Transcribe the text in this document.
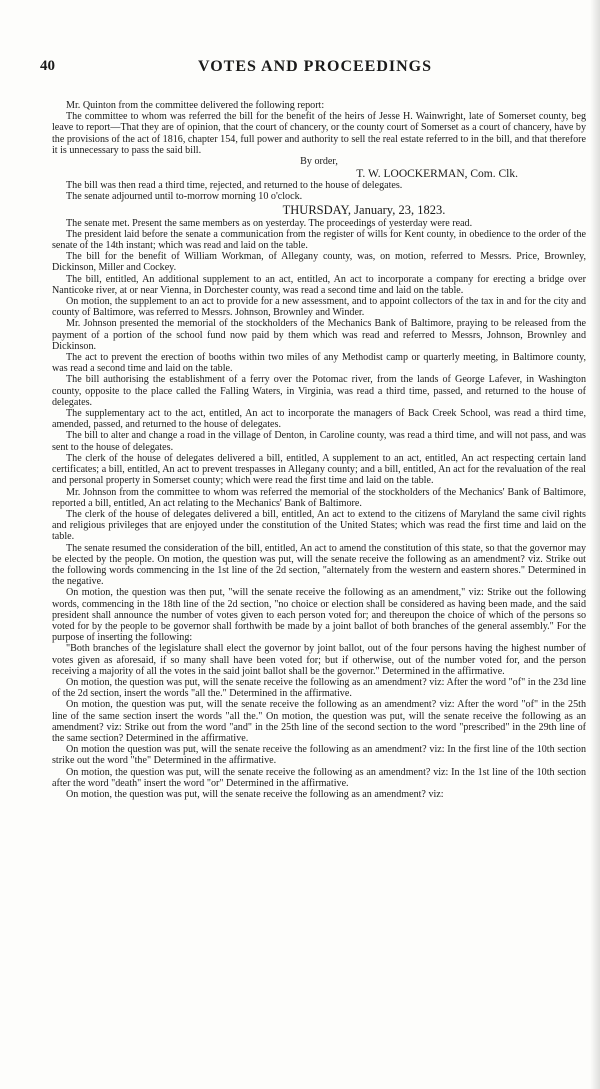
40	VOTES AND PROCEEDINGS

Mr. Quinton from the committee delivered the following report:

The committee to whom was referred the bill for the benefit of the heirs of Jesse H. Wainwright, late of Somerset county, beg leave to report—That they are of opinion, that the court of chancery, or the county court of Somerset as a court of chancery, have by the provisions of the act of 1816, chapter 154, full power and authority to sell the real estate referred to in the bill, and that therefore it is unnecessary to pass the said bill.

By order,

T. W. LOOCKERMAN, Com. Clk.

The bill was then read a third time, rejected, and returned to the house of delegates.

The senate adjourned until to-morrow morning 10 o'clock.

THURSDAY, January, 23, 1823.

The senate met. Present the same members as on yesterday. The proceedings of yesterday were read.

The president laid before the senate a communication from the register of wills for Kent county, in obedience to the order of the senate of the 14th instant; which was read and laid on the table.

The bill for the benefit of William Workman, of Allegany county, was, on motion, referred to Messrs. Price, Brownley, Dickinson, Miller and Cockey.

The bill, entitled, An additional supplement to an act, entitled, An act to incorporate a company for erecting a bridge over Nanticoke river, at or near Vienna, in Dorchester county, was read a second time and laid on the table.

On motion, the supplement to an act to provide for a new assessment, and to appoint collectors of the tax in and for the city and county of Baltimore, was referred to Messrs. Johnson, Brownley and Winder.

Mr. Johnson presented the memorial of the stockholders of the Mechanics Bank of Baltimore, praying to be released from the payment of a portion of the school fund now paid by them which was read and referred to Messrs, Johnson, Brownley and Dickinson.

The act to prevent the erection of booths within two miles of any Methodist camp or quarterly meeting, in Baltimore county, was read a second time and laid on the table.

The bill authorising the establishment of a ferry over the Potomac river, from the lands of George Lafever, in Washington county, opposite to the place called the Falling Waters, in Virginia, was read a third time, passed, and returned to the house of delegates.

The supplementary act to the act, entitled, An act to incorporate the managers of Back Creek School, was read a third time, amended, passed, and returned to the house of delegates.

The bill to alter and change a road in the village of Denton, in Caroline county, was read a third time, and will not pass, and was sent to the house of delegates.

The clerk of the house of delegates delivered a bill, entitled, A supplement to an act, entitled, An act respecting certain land certificates; a bill, entitled, An act to prevent trespasses in Allegany county; and a bill, entitled, An act for the revaluation of the real and personal property in Somerset county; which were read the first time and laid on the table.

Mr. Johnson from the committee to whom was referred the memorial of the stockholders of the Mechanics' Bank of Baltimore, reported a bill, entitled, An act relating to the Mechanics' Bank of Baltimore.

The clerk of the house of delegates delivered a bill, entitled, An act to extend to the citizens of Maryland the same civil rights and religious privileges that are enjoyed under the constitution of the United States; which was read the first time and laid on the table.

The senate resumed the consideration of the bill, entitled, An act to amend the constitution of this state, so that the governor may be elected by the people. On motion, the question was put, will the senate receive the following as an amendment? viz. Strike out the following words commencing in the 1st line of the 2d section, "alternately from the western and eastern shores." Determined in the negative.

On motion, the question was then put, "will the senate receive the following as an amendment," viz: Strike out the following words, commencing in the 18th line of the 2d section, "no choice or election shall be considered as having been made, and the said president shall announce the number of votes given to each person voted for; and thereupon the choice of which of the persons so voted for by the people to be governor shall forthwith be made by a joint ballot of both branches of the general assembly." For the purpose of inserting the following:

"Both branches of the legislature shall elect the governor by joint ballot, out of the four persons having the highest number of votes given as aforesaid, if so many shall have been voted for; but if otherwise, out of the number voted for, and the person receiving a majority of all the votes in the said joint ballot shall be the governor." Determined in the affirmative.

On motion, the question was put, will the senate receive the following as an amendment? viz: After the word "of" in the 23d line of the 2d section, insert the words "all the." Determined in the affirmative.

On motion, the question was put, will the senate receive the following as an amendment? viz: After the word "of" in the 25th line of the same section insert the words "all the." On motion, the question was put, will the senate receive the following as an amendment? viz: Strike out from the word "and" in the 25th line of the second section to the word "prescribed" in the 29th line of the same section? Determined in the affirmative.

On motion the question was put, will the senate receive the following as an amendment? viz: In the first line of the 10th section strike out the word "the" Determined in the affirmative.

On motion, the question was put, will the senate receive the following as an amendment? viz: In the 1st line of the 10th section after the word "death" insert the word "or" Determined in the affirmative.

On motion, the question was put, will the senate receive the following as an amendment? viz:
